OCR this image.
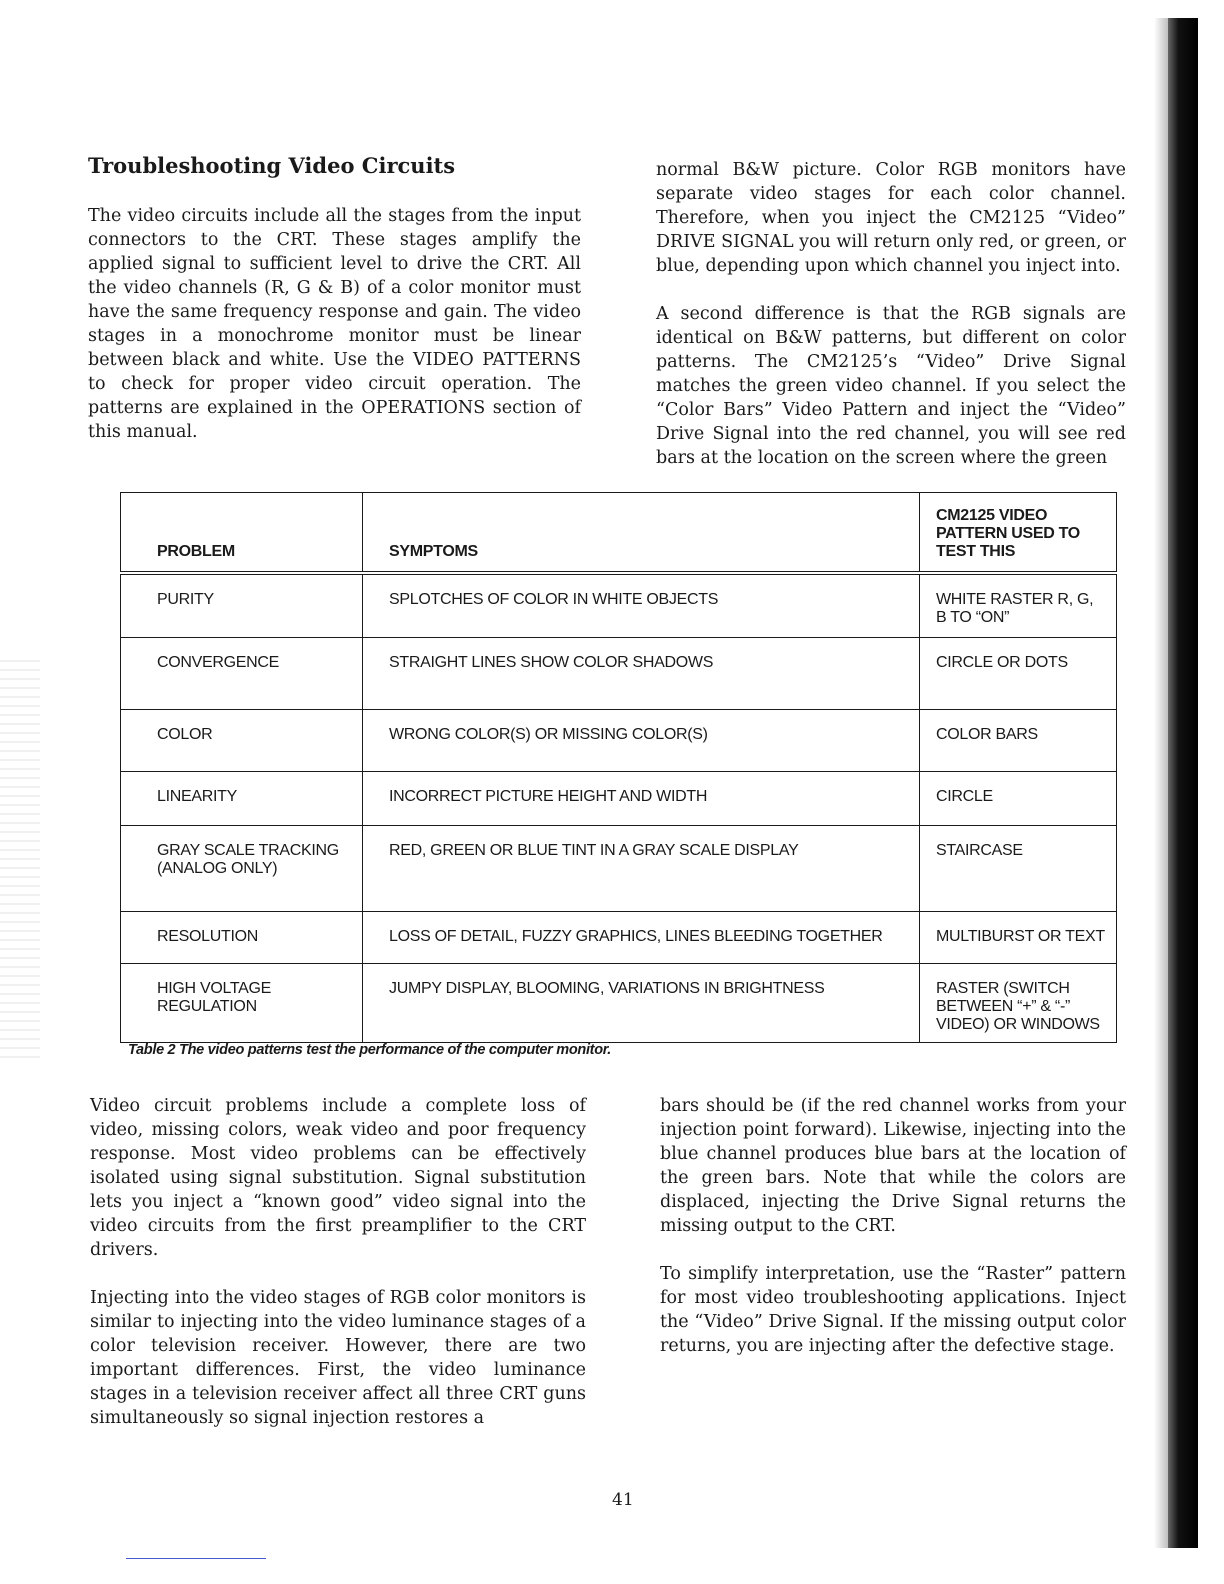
Troubleshooting Video Circuits

The video circuits include all the stages from the input connectors to the CRT. These stages amplify the applied signal to sufficient level to drive the CRT. All the video channels (R, G & B) of a color monitor must have the same frequency response and gain. The video stages in a monochrome monitor must be linear between black and white. Use the VIDEO PATTERNS to check for proper video circuit operation. The patterns are explained in the OPERATIONS section of this manual.

normal B&W picture. Color RGB monitors have separate video stages for each color channel. Therefore, when you inject the CM2125 “Video” DRIVE SIGNAL you will return only red, or green, or blue, depending upon which channel you inject into.

A second difference is that the RGB signals are identical on B&W patterns, but different on color patterns. The CM2125’s “Video” Drive Signal matches the green video channel. If you select the “Color Bars” Video Pattern and inject the “Video” Drive Signal into the red channel, you will see red bars at the location on the screen where the green

PROBLEM	SYMPTOMS	CM2125 VIDEO PATTERN USED TO TEST THIS
PURITY	SPLOTCHES OF COLOR IN WHITE OBJECTS	WHITE RASTER R, G, B TO “ON”
CONVERGENCE	STRAIGHT LINES SHOW COLOR SHADOWS	CIRCLE OR DOTS
COLOR	WRONG COLOR(S) OR MISSING COLOR(S)	COLOR BARS
LINEARITY	INCORRECT PICTURE HEIGHT AND WIDTH	CIRCLE
GRAY SCALE TRACKING (ANALOG ONLY)	RED, GREEN OR BLUE TINT IN A GRAY SCALE DISPLAY	STAIRCASE
RESOLUTION	LOSS OF DETAIL, FUZZY GRAPHICS, LINES BLEEDING TOGETHER	MULTIBURST OR TEXT
HIGH VOLTAGE REGULATION	JUMPY DISPLAY, BLOOMING, VARIATIONS IN BRIGHTNESS	RASTER (SWITCH BETWEEN “+” & “-” VIDEO) OR WINDOWS
Table 2 The video patterns test the performance of the computer monitor.

Video circuit problems include a complete loss of video, missing colors, weak video and poor frequency response. Most video problems can be effectively isolated using signal substitution. Signal substitution lets you inject a “known good” video signal into the video circuits from the first preamplifier to the CRT drivers.

Injecting into the video stages of RGB color monitors is similar to injecting into the video luminance stages of a color television receiver. However, there are two important differences. First, the video luminance stages in a television receiver affect all three CRT guns simultaneously so signal injection restores a

bars should be (if the red channel works from your injection point forward). Likewise, injecting into the blue channel produces blue bars at the location of the green bars. Note that while the colors are displaced, injecting the Drive Signal returns the missing output to the CRT.

To simplify interpretation, use the “Raster” pattern for most video troubleshooting applications. Inject the “Video” Drive Signal. If the missing output color returns, you are injecting after the defective stage.

41
